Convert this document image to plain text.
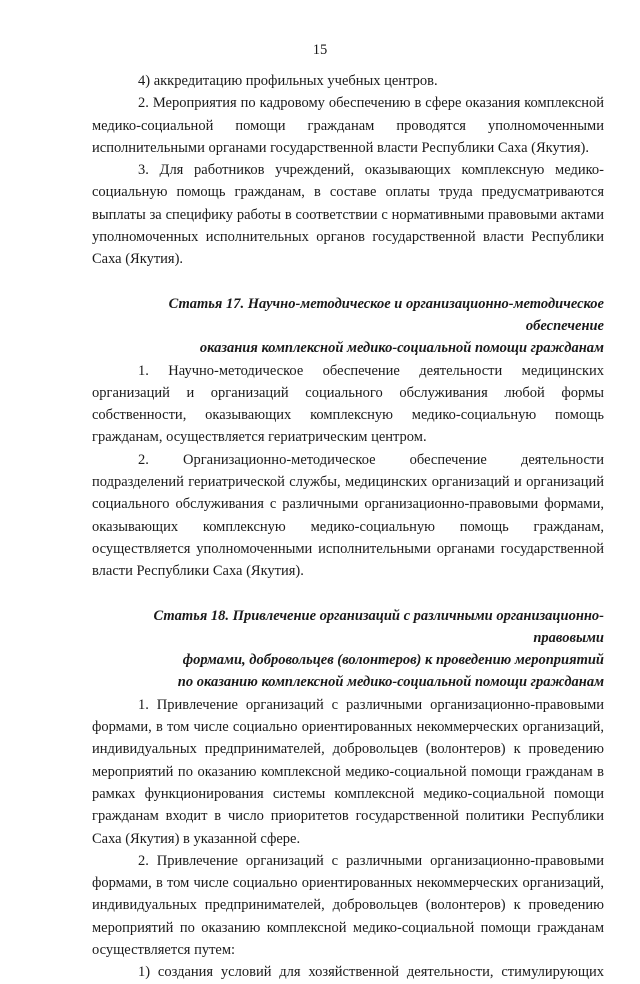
15

4) аккредитацию профильных учебных центров.

2. Мероприятия по кадровому обеспечению в сфере оказания комплексной медико-социальной помощи гражданам проводятся уполномоченными исполнительными органами государственной власти Республики Саха (Якутия).

3. Для работников учреждений, оказывающих комплексную медико-социальную помощь гражданам, в составе оплаты труда предусматриваются выплаты за специфику работы в соответствии с нормативными правовыми актами уполномоченных исполнительных органов государственной власти Республики Саха (Якутия).

Статья 17. Научно-методическое и организационно-методическое обеспечение

оказания комплексной медико-социальной помощи гражданам

1. Научно-методическое обеспечение деятельности медицинских организаций и организаций социального обслуживания любой формы собственности, оказывающих комплексную медико-социальную помощь гражданам, осуществляется гериатрическим центром.

2. Организационно-методическое обеспечение деятельности подразделений гериатрической службы, медицинских организаций и организаций социального обслуживания с различными организационно-правовыми формами, оказывающих комплексную медико-социальную помощь гражданам, осуществляется уполномоченными исполнительными органами государственной власти Республики Саха (Якутия).

Статья 18. Привлечение организаций с различными организационно-правовыми

формами, добровольцев (волонтеров) к проведению мероприятий

по оказанию комплексной медико-социальной помощи гражданам

1. Привлечение организаций с различными организационно-правовыми формами, в том числе социально ориентированных некоммерческих организаций, индивидуальных предпринимателей, добровольцев (волонтеров) к проведению мероприятий по оказанию комплексной медико-социальной помощи гражданам в рамках функционирования системы комплексной медико-социальной помощи гражданам входит в число приоритетов государственной политики Республики Саха (Якутия) в указанной сфере.

2. Привлечение организаций с различными организационно-правовыми формами, в том числе социально ориентированных некоммерческих организаций, индивидуальных предпринимателей, добровольцев (волонтеров) к проведению мероприятий по оказанию комплексной медико-социальной помощи гражданам осуществляется путем:

1) создания условий для хозяйственной деятельности, стимулирующих
